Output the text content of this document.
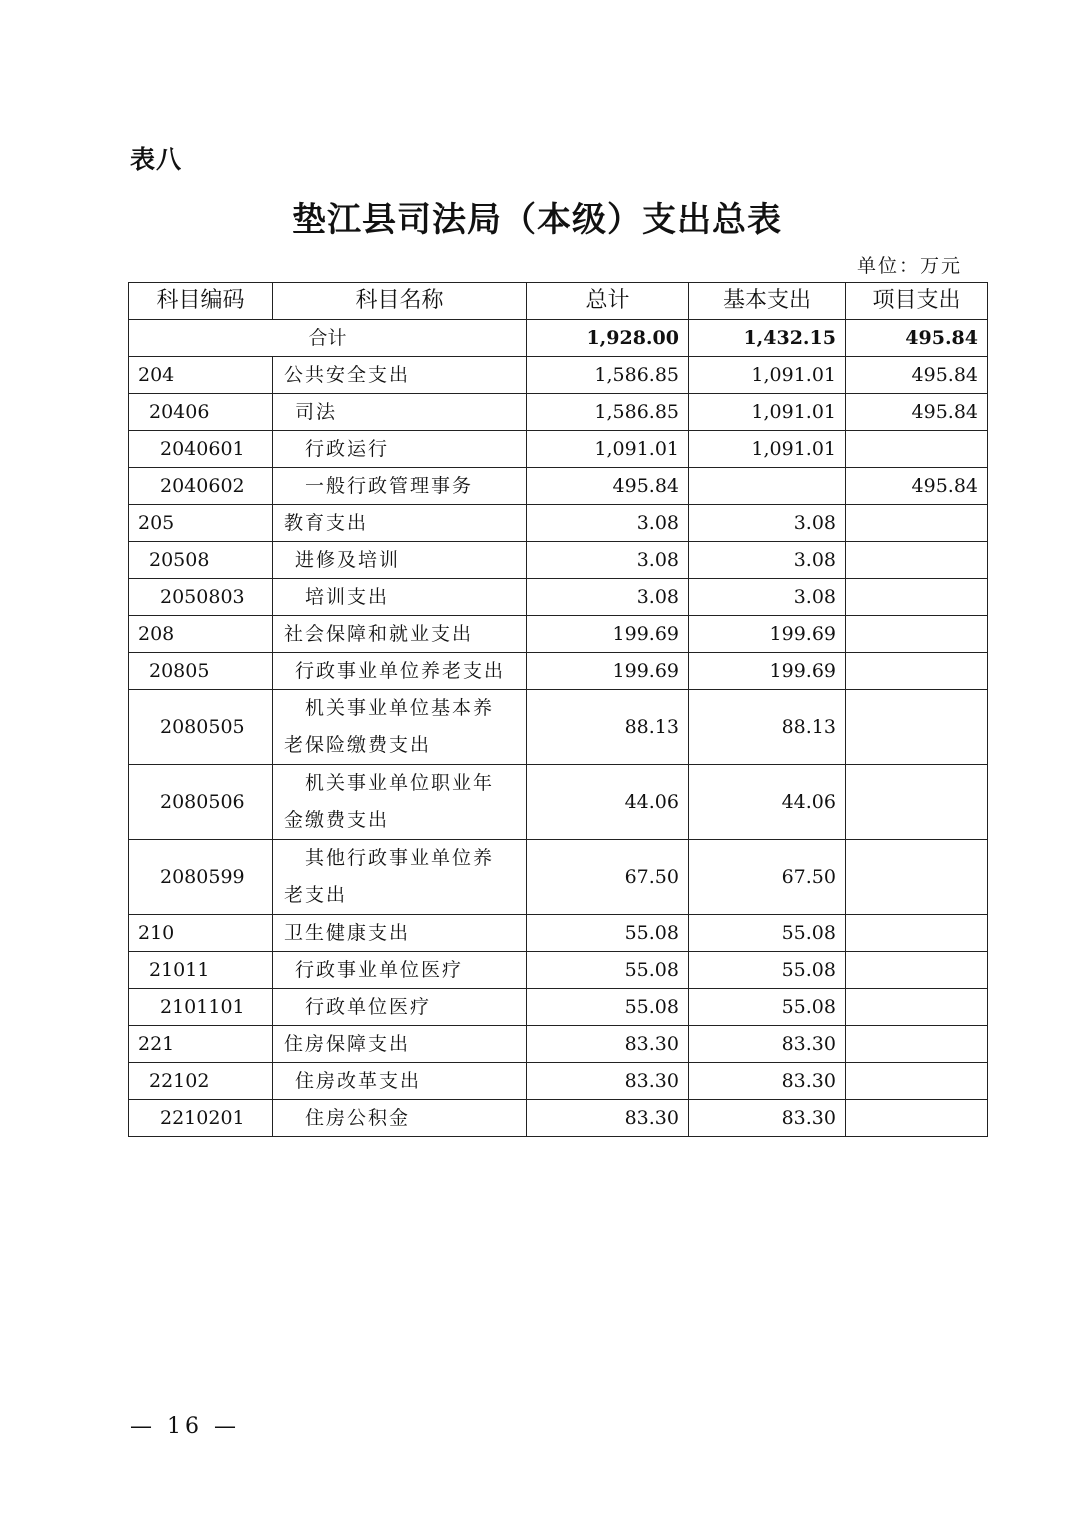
表八
垫江县司法局（本级）支出总表
单位：万元
科目编码	科目名称	总计	基本支出	项目支出
合计		1,928.00	1,432.15	495.84
204	公共安全支出	1,586.85	1,091.01	495.84
20406	司法	1,586.85	1,091.01	495.84
2040601	行政运行	1,091.01	1,091.01	
2040602	一般行政管理事务	495.84		495.84
205	教育支出	3.08	3.08	
20508	进修及培训	3.08	3.08	
2050803	培训支出	3.08	3.08	
208	社会保障和就业支出	199.69	199.69	
20805	行政事业单位养老支出	199.69	199.69	
2080505	机关事业单位基本养
老保险缴费支出	88.13	88.13	
2080506	机关事业单位职业年
金缴费支出	44.06	44.06	
2080599	其他行政事业单位养
老支出	67.50	67.50	
210	卫生健康支出	55.08	55.08	
21011	行政事业单位医疗	55.08	55.08	
2101101	行政单位医疗	55.08	55.08	
221	住房保障支出	83.30	83.30	
22102	住房改革支出	83.30	83.30	
2210201	住房公积金	83.30	83.30	
— 16 —
